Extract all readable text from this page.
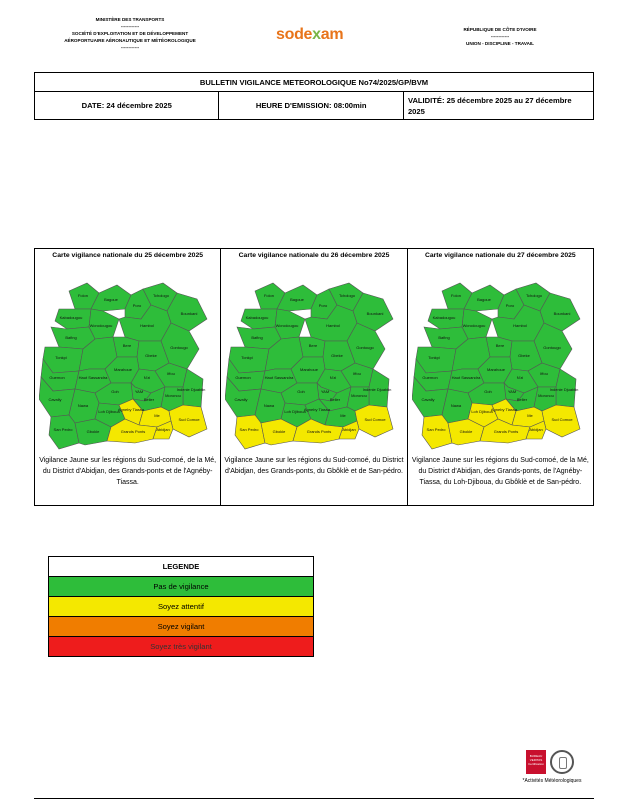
MINISTÈRE DES TRANSPORTS
------------
SOCIÉTÉ D'EXPLOITATION ET DE DÉVELOPPEMENT
AÉROPORTUAIRE AÉRONAUTIQUE ET MÉTÉOROLOGIQUE
------------
sodexam	RÉPUBLIQUE DE CÔTE D'IVOIRE
------------
UNION - DISCIPLINE - TRAVAIL
BULLETIN VIGILANCE METEOROLOGIQUE No74/2025/GP/BVM
DATE: 24 décembre 2025	HEURE D'EMISSION: 08:00min	VALIDITÉ: 25 décembre 2025 au 27 décembre 2025
Carte vigilance nationale du 25 décembre 2025
Folon
Bagoue
Poro
Tchologo
Bounkani
Kabadougou
Worodougou	Hambol
Bafing
Bere	Gontougo
Tonkpi	Gbeke
Iffou
Guemon	Haut Sassandra
Marahoue
N'zi
YAM	Indenie Djuablin
Cavally
Goh
Nawa
Belier
Moronou
Loh Djiboua
Agneby Tiassa
Me
Sud Comoe
San Pedro	Gbokle	Grands Ponts	Abidjan
Vigilance Jaune sur les régions du Sud-comoé, de la Mé, du District d'Abidjan, des Grands-ponts et de l'Agnéby-Tiassa.

Carte vigilance nationale du 26 décembre 2025
Folon
Bagoue
Poro
Tchologo
Bounkani
Kabadougou
Worodougou	Hambol
Bafing
Bere	Gontougo
Tonkpi	Gbeke
Iffou
Guemon	Haut Sassandra
Marahoue
N'zi
YAM	Indenie Djuablin
Cavally
Goh
Nawa
Belier
Moronou
Loh Djiboua
Agneby Tiassa
Me
Sud Comoe
San Pedro	Gbokle	Grands Ponts	Abidjan
Vigilance Jaune sur les régions du Sud-comoé, du District d'Abidjan, des Grands-ponts, du Gbôklè et de San-pédro.

Carte vigilance nationale du 27 décembre 2025
Folon
Bagoue
Poro
Tchologo
Bounkani
Kabadougou
Worodougou	Hambol
Bafing
Bere	Gontougo
Tonkpi	Gbeke
Iffou
Guemon	Haut Sassandra
Marahoue
N'zi
YAM	Indenie Djuablin
Cavally
Goh
Nawa
Belier
Moronou
Loh Djiboua
Agneby Tiassa
Me
Sud Comoe
San Pedro	Gbokle	Grands Ponts	Abidjan
Vigilance Jaune sur les régions du Sud-comoé, de la Mé, du District d'Abidjan, des Grands-ponts, de l'Agnéby-Tiassa, du Loh-Djiboua, du Gbôklè et de San-pédro.
LEGENDE
Pas de vigilance
Soyez attentif
Soyez vigilant
Soyez très vigilant
BUREAU VERITAS Certification
*Activités Météorologiques
